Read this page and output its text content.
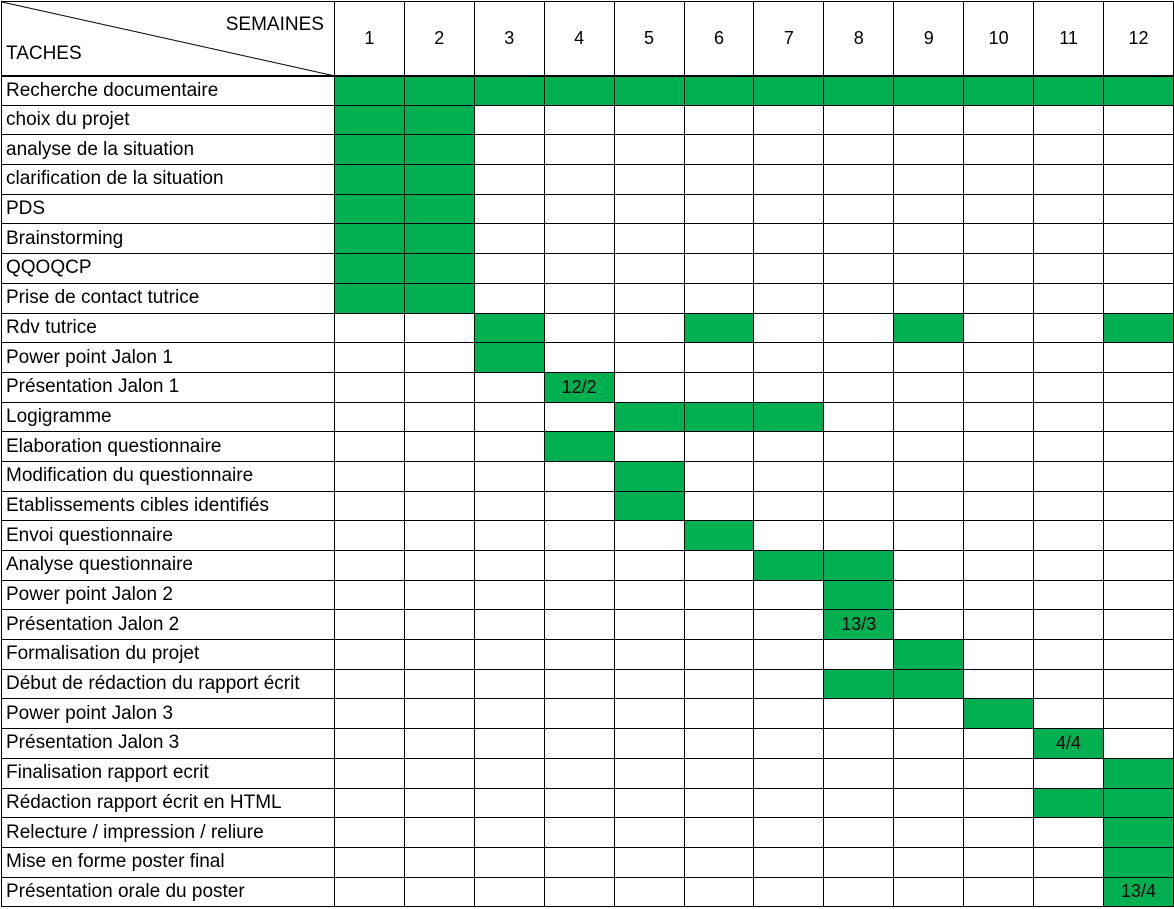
SEMAINES
TACHES	1	2	3	4	5	6	7	8	9	10	11	12
Recherche documentaire												
choix du projet												
analyse de la situation												
clarification de la situation												
PDS												
Brainstorming												
QQOQCP												
Prise de contact tutrice												
Rdv tutrice												
Power point Jalon 1												
Présentation Jalon 1				12/2								
Logigramme												
Elaboration questionnaire												
Modification du questionnaire												
Etablissements cibles identifiés												
Envoi questionnaire												
Analyse questionnaire												
Power point Jalon 2												
Présentation Jalon 2								13/3				
Formalisation du projet												
Début de rédaction du rapport écrit												
Power point Jalon 3												
Présentation Jalon 3											4/4	
Finalisation rapport ecrit												
Rédaction rapport écrit en HTML												
Relecture / impression / reliure												
Mise en forme poster final												
Présentation orale du poster												13/4
